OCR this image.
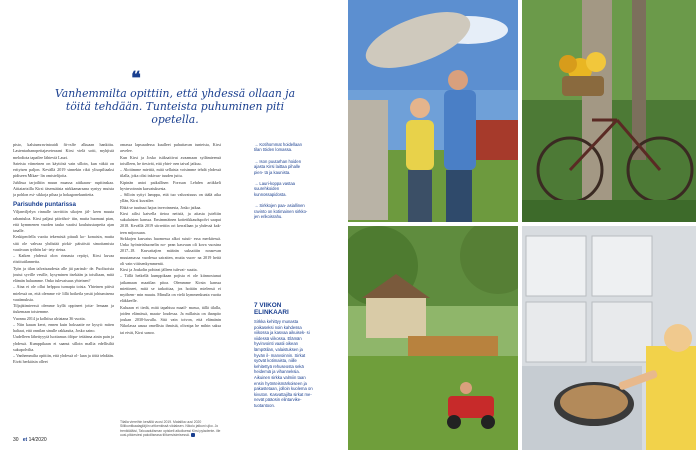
❝
Vanhemmilta opittiin, että yhdessä ollaan ja töitä tehdään. Tunteista puhuminen piti opetella.

pisto, kalsiumravintoaidi fit-rsffe alkuaan hankittu. Lastentarhanopettajaveteraani Kirsi vielä sotti, myhjistä melodiota tapailee lähteviä Lauri.

Sateista viimeinen on käyttösä vain silloin, kun väkiä on erityisen paljon. Kevällä 2019 sinnekin rikti ylisopiltaaksi pidiseen Mikae- lin omistelijoita.

Juhlissa tarjoiltiin muun muassa aitikaaru- rupitinskaa. Aitiaiartzilla Kirsi täsensäästa nirkkamarsana syntyy muista ja pohlon esi- sikkoja pihaa ja hokagonekuntietta.

Parisuhde puntarissa

Viljanviljelyn rinnalle tarvittiin sikojen jäl- keen muuta rahantuloa. Kirsi paljasi päivähoi- tiin, mutta huomasi pian, että kymmenen vuoden tauko vaatisi koulutustarpeita ajan tasalle.

Keskipeolella vuotta tekemistä pituuli ko- konaisin, mutta sitä ole vahvaa yhdistää pirkä- päistöstä simoitamista vaativaan työhön lai- tety rietua.

– Kaiken yhdessä olon rinnasta repityi, Kirsi kuvaa riistitutilannetta.

Työn ja tilan talvaisaudesta alle jäi parisuh- de. Puolisoista joutui syville vesille, kysyminen itsekään ja toisiltaan, mitä elämän haluamme. Onko tulevaisuus yhteinen?

– Aina ei ole ollut helppoa turnapta toista. Yhteinen pitivä mielessä on, että olemme vä- lillä hoiketla ynsät johtumisena vaatimuksia.

Tiljajätimieessä olemme kyllä oppineet jotta- lemaan ja tiukemaan toistemme.

Vuonna 2014 ja kolhiisa ulriatana 36 vuotta.

– Niin kauan kerrt, ennen kuin hoksaatte ne kysyä: miten haltaat, että onnilan sinulle rakkautta, Josko saino.

Uudelleen lähettyyytä luottamus ölöpa- tetäänsa ainin pain ja yhdessä. Kumppikaan ei saanut silloin mallia edellisiltä sukupolvilta.

– Vanhemmilta opittiin, että yhdessä ol- laan ja töitä tehdään. Eivät herkäisin olleet

omassa lapsuudessa kuulleet puhuttavan tunteista, Kirsi arvelee.

Kun Kirsi ja Josko tsiiksaitivat avaamaan syilämieensä toisilleen, he tiesivät, että yhtei- nen taival jatkuu.

– Aloitimme miettiä, mitä sellaista voisimme tehdä yhdessä tilalla, joka olisi inkivaa- tuuden juttu.

Kipinän antoi paikallisen Forssan Lehden artikkeli hyvinvoinnin kasvatuksesta.

– Silloin syttyi lamppu, että tuo valuvaisuus on täälä aika yllän, Kirsi kuvailee.

Ehkä se tuuttuut hajoa inveoinnesta, Josko jatkaa.

Kirsi ailisi katvella tietoa netistä, ja aiiasta juteltiin sukulaisten kanssa. Ensimmäinen kotietikkaudupolvi saapui 2018. Kevällä 2019 siirrettiin ori kerrallaan ja yhdessä kak- teen mijoosaan.

Sirkkojen kasvatus huomessa alkoi ssiuti- essa merkitessä. Unka hyönteishuonelin no- pean kasvuun oli kova vuosina 2017–18. Kasvattajien määrän suksaitiin nousevan muutamassa vuodessa sairaiten, mutta vuon- na 2019 heitä oli vain viitisenkymmentä.

Kirsi ja Joukolin pohteat jälleen tulevai- suutta.

– Tällä hetkellä kumppikaan pojista ei ole kiinnostunut jatkamaan maatilan pitoa. Olemmme Kirsin kanssa miettineet, mitä se tarkoittaa, jos hoitäin mielensä ei myöhem- min muutu. Minulla on vielä kymmenkunta vuotta eläkkeelle.

Kuluaan ei tiedä, mitä tapahtuu maail- massa, tällä tilalla, joiden elämässä, maata- loudessa. Ja millaista on ihanpito joukan 2030-luvulla. Sitä vain toivon, että elämänin Nikolassa aasua omellista ihmisiä, olivatpa he mihin saksa tai eivät, Kirsi sanoo.

Tilalla viereihin kesällä vuosi 2019. Matalika uusi 2020 Sillikuntikaalagläjön uritkenkissä viidaksen. Nikolu jatkuni ujko. Jo trenikiäläisi, Talouadulisman opiskeli aikolluessi Kirsi pyladente- ille uusi-pikkesiesi pakolliseasa tilitumvisimisessä.
→ Kotihommat hoidellaan tilan töiden lomassa.
→ Ison puutarhan hoiden ajasta Kirsi laittaa pihalle pien- tä ja kaunista.
→ Lauri-koppa vastaa suurehkoiden kunnossapidosta.
→ Sirkkojen paa- asiallinen ravinto on kotimainen sirkko- jen erikoisrahu.
7 VIIKON ELINKAARI
Sirkka kehittyy munasta poikaseksi noin kahdessa viikossa ja kasvaa aikuisek- si viidessä viikossa. Elämän hyvinvointi vaatii oikean lämpötilan, valaistuksen ja hyvän il- manvoinnin. Sirkat syövät kotimaista, niille kehitettyä rehuseosta sekä heidemiä ja vihanneksia. Aikuinen sirkka valmiin taan ensin hyönteismärkoiseen ja pakastetaan, jolloin kuolema on kivuton. Kasvattajilta sirkat me- nevät pääosin elintarvike- tuotantoon.
30 et 14/2020
